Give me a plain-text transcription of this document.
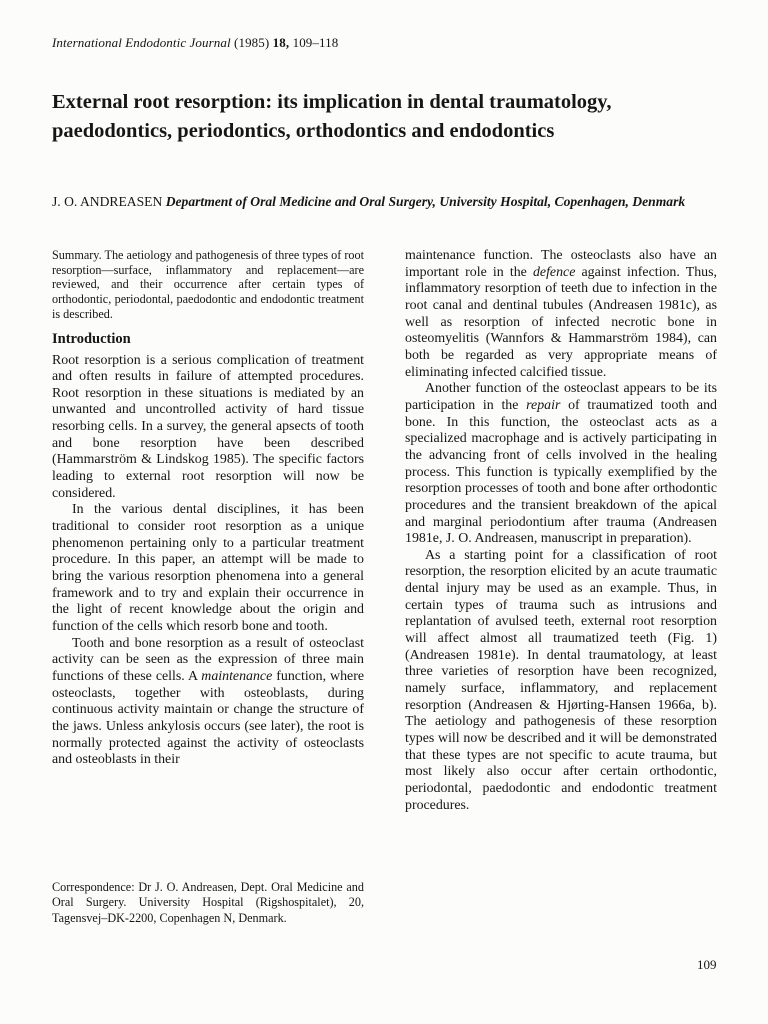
International Endodontic Journal (1985) 18, 109–118
External root resorption: its implication in dental traumatology, paedodontics, periodontics, orthodontics and endodontics
J. O. ANDREASEN Department of Oral Medicine and Oral Surgery, University Hospital, Copenhagen, Denmark

Summary. The aetiology and pathogenesis of three types of root resorption—surface, inflammatory and replacement—are reviewed, and their occurrence after certain types of orthodontic, periodontal, paedodontic and endodontic treatment is described.

Introduction

Root resorption is a serious complication of treatment and often results in failure of attempted procedures. Root resorption in these situations is mediated by an unwanted and uncontrolled activity of hard tissue resorbing cells. In a survey, the general apsects of tooth and bone resorption have been described (Hammarström & Lindskog 1985). The specific factors leading to external root resorption will now be considered.

In the various dental disciplines, it has been traditional to consider root resorption as a unique phenomenon pertaining only to a particular treatment procedure. In this paper, an attempt will be made to bring the various resorption phenomena into a general framework and to try and explain their occurrence in the light of recent knowledge about the origin and function of the cells which resorb bone and tooth.

Tooth and bone resorption as a result of osteoclast activity can be seen as the expression of three main functions of these cells. A maintenance function, where osteoclasts, together with osteoblasts, during continuous activity maintain or change the structure of the jaws. Unless ankylosis occurs (see later), the root is normally protected against the activity of osteoclasts and osteoblasts in their

Correspondence: Dr J. O. Andreasen, Dept. Oral Medicine and Oral Surgery. University Hospital (Rigshospitalet), 20, Tagensvej–DK-2200, Copenhagen N, Denmark.

maintenance function. The osteoclasts also have an important role in the defence against infection. Thus, inflammatory resorption of teeth due to infection in the root canal and dentinal tubules (Andreasen 1981c), as well as resorption of infected necrotic bone in osteomyelitis (Wannfors & Hammarström 1984), can both be regarded as very appropriate means of eliminating infected calcified tissue.

Another function of the osteoclast appears to be its participation in the repair of traumatized tooth and bone. In this function, the osteoclast acts as a specialized macrophage and is actively participating in the advancing front of cells involved in the healing process. This function is typically exemplified by the resorption processes of tooth and bone after orthodontic procedures and the transient breakdown of the apical and marginal periodontium after trauma (Andreasen 1981e, J. O. Andreasen, manuscript in preparation).

As a starting point for a classification of root resorption, the resorption elicited by an acute traumatic dental injury may be used as an example. Thus, in certain types of trauma such as intrusions and replantation of avulsed teeth, external root resorption will affect almost all traumatized teeth (Fig. 1) (Andreasen 1981e). In dental traumatology, at least three varieties of resorption have been recognized, namely surface, inflammatory, and replacement resorption (Andreasen & Hjørting-Hansen 1966a, b). The aetiology and pathogenesis of these resorption types will now be described and it will be demonstrated that these types are not specific to acute trauma, but most likely also occur after certain orthodontic, periodontal, paedodontic and endodontic treatment procedures.

109
